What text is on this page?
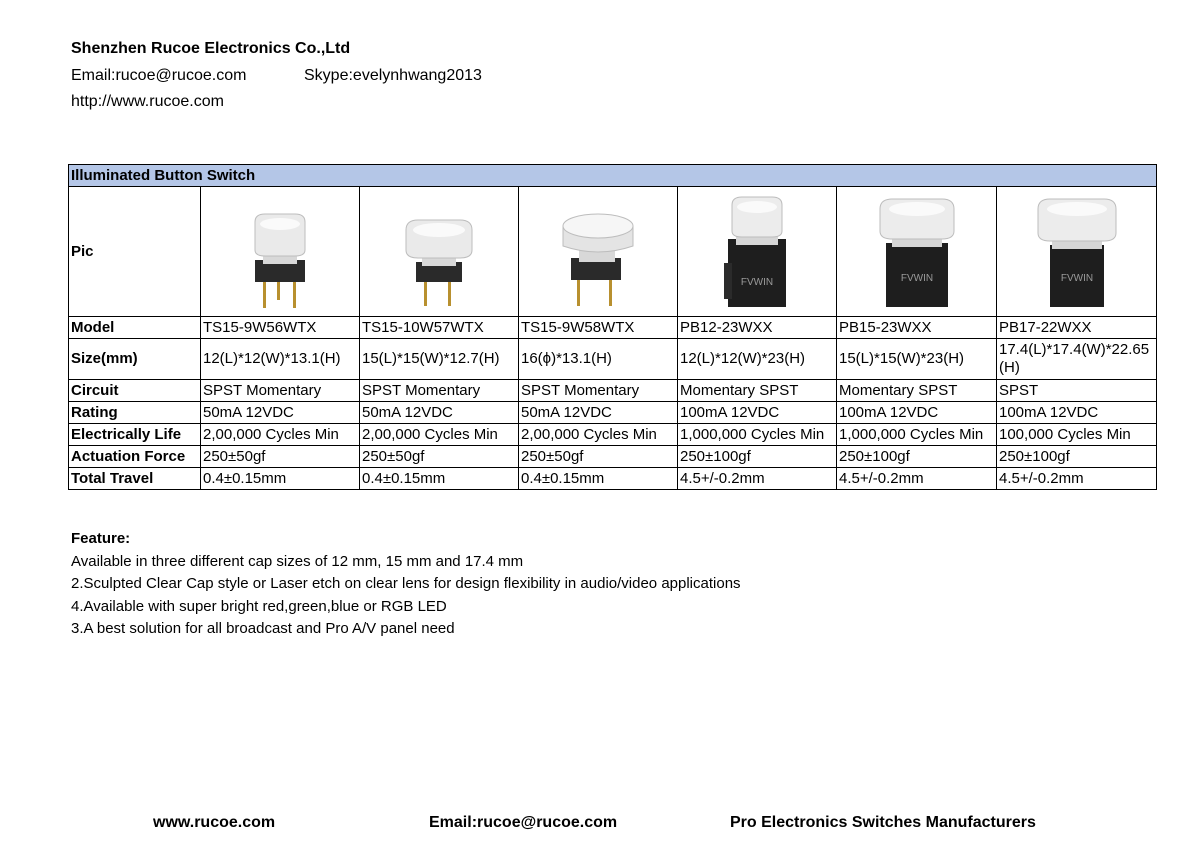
Shenzhen Rucoe Electronics Co.,Ltd
Email:rucoe@rucoe.com	Skype:evelynhwang2013
http://www.rucoe.com
Illuminated Button Switch						
Pic				FVWIN	FVWIN	FVWIN

Model	TS15-9W56WTX	TS15-10W57WTX	TS15-9W58WTX	PB12-23WXX	PB15-23WXX	PB17-22WXX
Size(mm)	12(L)*12(W)*13.1(H)	15(L)*15(W)*12.7(H)	16(ϕ)*13.1(H)	12(L)*12(W)*23(H)	15(L)*15(W)*23(H)	17.4(L)*17.4(W)*22.65(H)
Circuit	SPST Momentary	SPST Momentary	SPST Momentary	Momentary SPST	Momentary SPST	SPST
Rating	50mA 12VDC	50mA 12VDC	50mA 12VDC	100mA 12VDC	100mA 12VDC	100mA 12VDC
Electrically Life	2,00,000 Cycles Min	2,00,000 Cycles Min	2,00,000 Cycles Min	1,000,000 Cycles Min	1,000,000 Cycles Min	100,000 Cycles Min
Actuation Force	250±50gf	250±50gf	250±50gf	250±100gf	250±100gf	250±100gf
Total Travel	0.4±0.15mm	0.4±0.15mm	0.4±0.15mm	4.5+/-0.2mm	4.5+/-0.2mm	4.5+/-0.2mm
Feature:
Available in three different cap sizes of 12 mm, 15 mm and 17.4 mm
2.Sculpted Clear Cap style or Laser etch on clear lens for design flexibility in audio/video applications
4.Available with super bright red,green,blue or RGB LED
3.A best solution for all broadcast and Pro A/V panel need
www.rucoe.com	Email:rucoe@rucoe.com	Pro Electronics Switches Manufacturers
